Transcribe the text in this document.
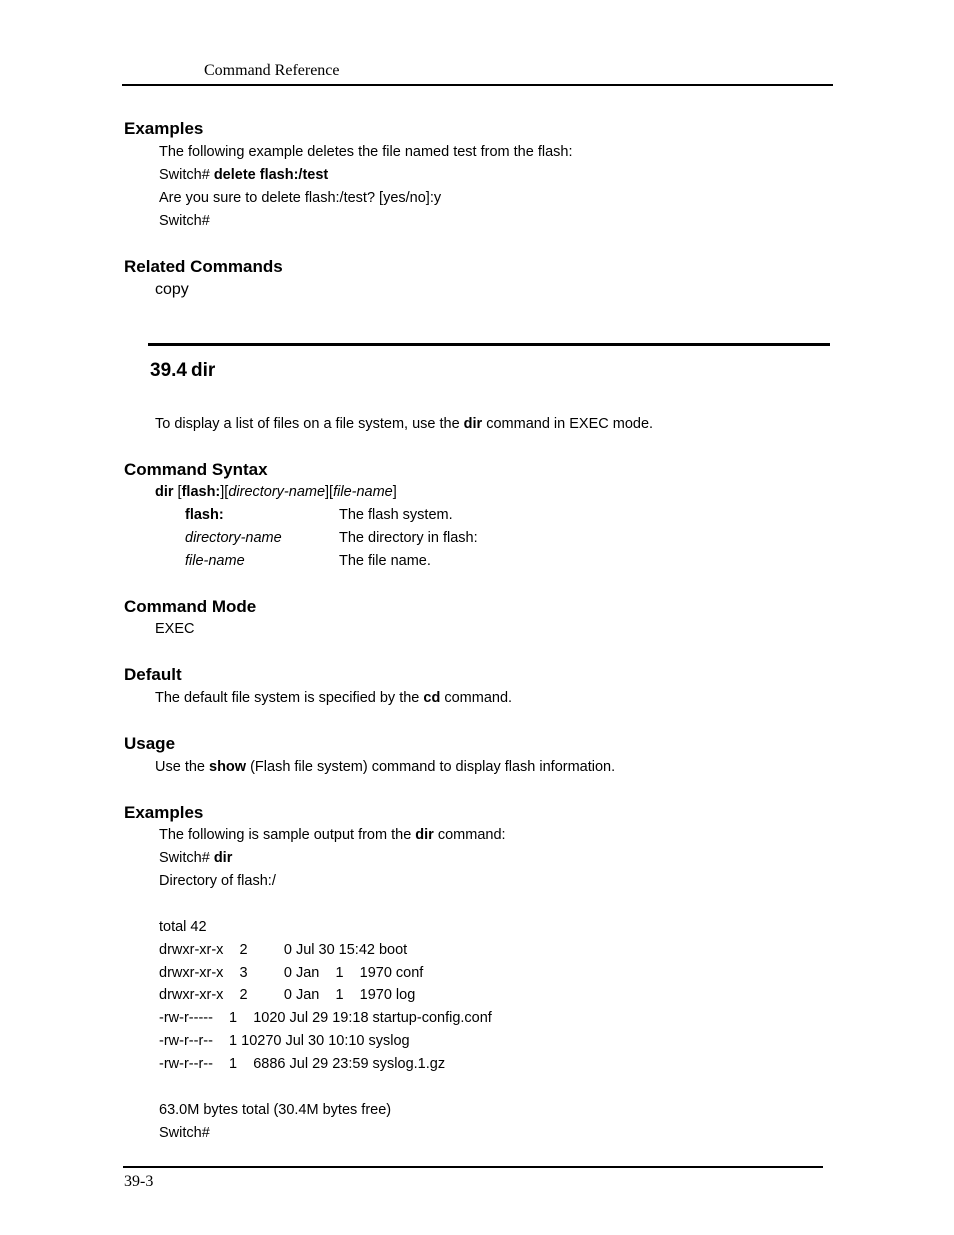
Command Reference
Examples
The following example deletes the file named test from the flash:
Switch# delete flash:/test
Are you sure to delete flash:/test? [yes/no]:y
Switch#
Related Commands
copy
39.4 dir
To display a list of files on a file system, use the dir command in EXEC mode.
Command Syntax
dir [flash:][directory-name][file-name]
flash:	The flash system.
directory-name	The directory in flash:
file-name	The file name.
Command Mode
EXEC
Default
The default file system is specified by the cd command.
Usage
Use the show (Flash file system) command to display flash information.
Examples
The following is sample output from the dir command:
Switch# dir
Directory of flash:/
total 42
drwxr-xr-x    2         0 Jul 30 15:42 boot
drwxr-xr-x    3         0 Jan    1    1970 conf
drwxr-xr-x    2         0 Jan    1    1970 log
-rw-r-----    1    1020 Jul 29 19:18 startup-config.conf
-rw-r--r--    1 10270 Jul 30 10:10 syslog
-rw-r--r--    1    6886 Jul 29 23:59 syslog.1.gz
63.0M bytes total (30.4M bytes free)
Switch#
39-3
